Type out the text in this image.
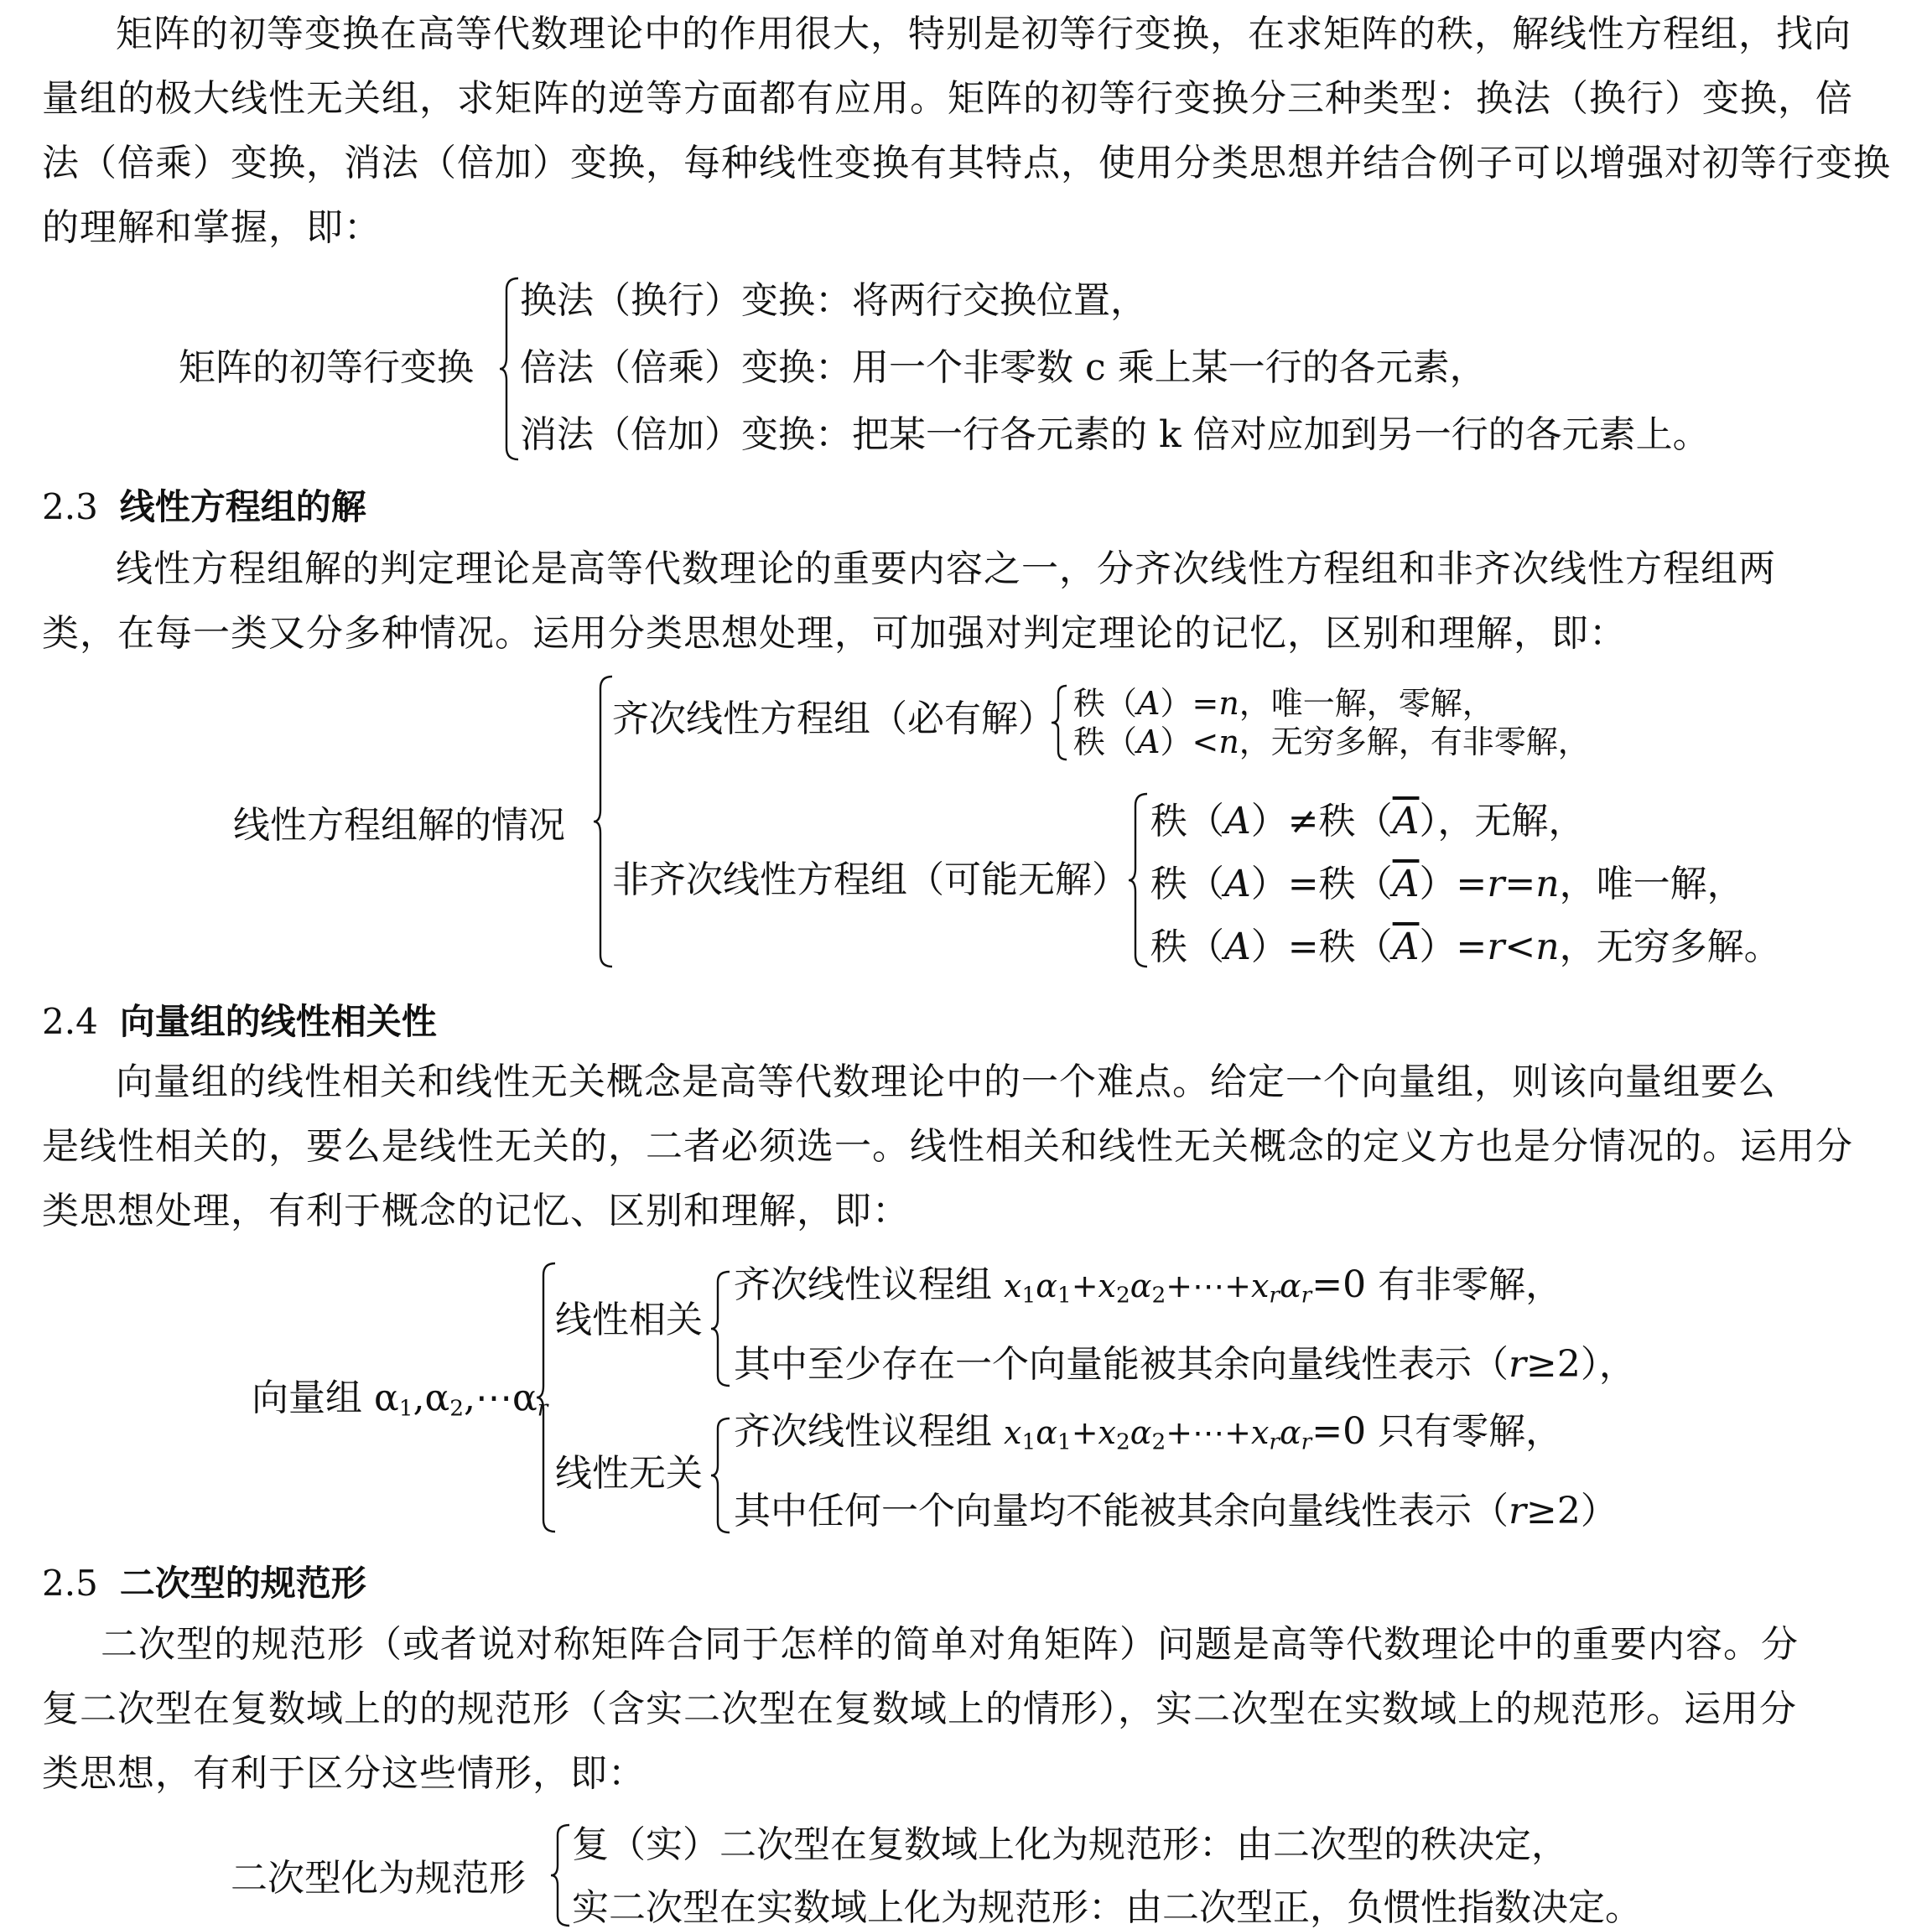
矩阵的初等变换在高等代数理论中的作用很大，特别是初等行变换，在求矩阵的秩，解线性方程组，找向
量组的极大线性无关组，求矩阵的逆等方面都有应用。矩阵的初等行变换分三种类型：换法（换行）变换，倍
法（倍乘）变换，消法（倍加）变换，每种线性变换有其特点，使用分类思想并结合例子可以增强对初等行变换
的理解和掌握，即：
矩阵的初等行变换
换法（换行）变换：将两行交换位置，
倍法（倍乘）变换：用一个非零数 c 乘上某一行的各元素，
消法（倍加）变换：把某一行各元素的 k 倍对应加到另一行的各元素上。
2.3 线性方程组的解
线性方程组解的判定理论是高等代数理论的重要内容之一，分齐次线性方程组和非齐次线性方程组两
类，在每一类又分多种情况。运用分类思想处理，可加强对判定理论的记忆，区别和理解，即：
线性方程组解的情况
齐次线性方程组（必有解） 秩（A）=n，唯一解，零解，
秩（A）<n，无穷多解，有非零解，
非齐次线性方程组（可能无解）
秩（A）≠秩$(\overline{A})$，无解，
秩（A）=秩$(\overline{A})=r=n$，唯一解，
秩（A）=秩$(\overline{A})=r<n$，无穷多解。
2.4 向量组的线性相关性
向量组的线性相关和线性无关概念是高等代数理论中的一个难点。给定一个向量组，则该向量组要么
是线性相关的，要么是线性无关的，二者必须选一。线性相关和线性无关概念的定义方也是分情况的。运用分
类思想处理，有利于概念的记忆、区别和理解，即：
向量组 $\alpha_1,\alpha_2,\cdots\alpha_r$
线性相关
齐次线性议程组 $x_1\alpha_1+x_2\alpha_2+\cdots+x_r\alpha_r=0$ 有非零解，
其中至少存在一个向量能被其余向量线性表示（r≥2），
线性无关
齐次线性议程组 $x_1\alpha_1+x_2\alpha_2+\cdots+x_r\alpha_r=0$ 只有零解，
其中任何一个向量均不能被其余向量线性表示（r≥2）
2.5 二次型的规范形
二次型的规范形（或者说对称矩阵合同于怎样的简单对角矩阵）问题是高等代数理论中的重要内容。分
复二次型在复数域上的的规范形（含实二次型在复数域上的情形），实二次型在实数域上的规范形。运用分
类思想，有利于区分这些情形，即：
二次型化为规范形
复（实）二次型在复数域上化为规范形：由二次型的秩决定，
实二次型在实数域上化为规范形：由二次型正，负惯性指数决定。
